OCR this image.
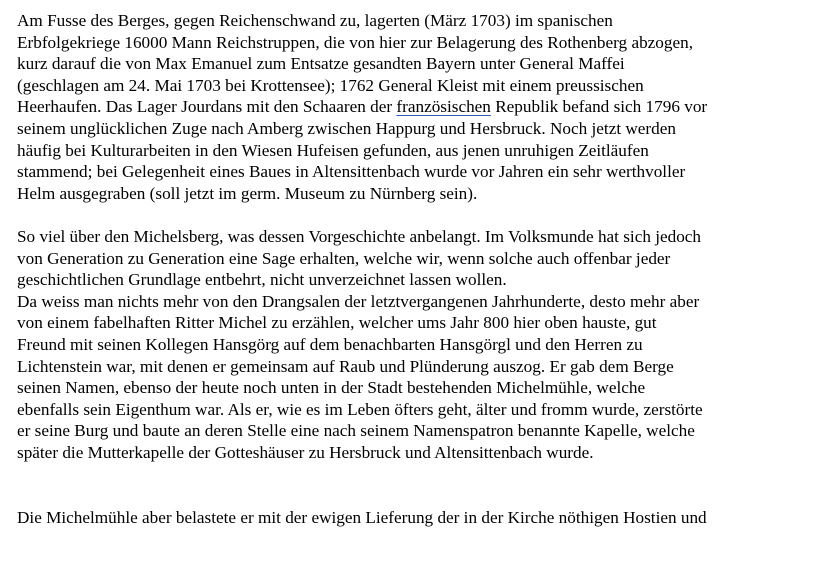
Am Fusse des Berges, gegen Reichenschwand zu, lagerten (März 1703) im spanischen
Erbfolgekriege 16000 Mann Reichstruppen, die von hier zur Belagerung des Rothenberg abzogen,
kurz darauf die von Max Emanuel zum Entsatze gesandten Bayern unter General Maffei
(geschlagen am 24. Mai 1703 bei Krottensee); 1762 General Kleist mit einem preussischen
Heerhaufen. Das Lager Jourdans mit den Schaaren der französischen Republik befand sich 1796 vor
seinem unglücklichen Zuge nach Amberg zwischen Happurg und Hersbruck. Noch jetzt werden
häufig bei Kulturarbeiten in den Wiesen Hufeisen gefunden, aus jenen unruhigen Zeitläufen
stammend; bei Gelegenheit eines Baues in Altensittenbach wurde vor Jahren ein sehr werthvoller
Helm ausgegraben (soll jetzt im germ. Museum zu Nürnberg sein).
So viel über den Michelsberg, was dessen Vorgeschichte anbelangt. Im Volksmunde hat sich jedoch
von Generation zu Generation eine Sage erhalten, welche wir, wenn solche auch offenbar jeder
geschichtlichen Grundlage entbehrt, nicht unverzeichnet lassen wollen.
Da weiss man nichts mehr von den Drangsalen der letztvergangenen Jahrhunderte, desto mehr aber
von einem fabelhaften Ritter Michel zu erzählen, welcher ums Jahr 800 hier oben hauste, gut
Freund mit seinen Kollegen Hansgörg auf dem benachbarten Hansgörgl und den Herren zu
Lichtenstein war, mit denen er gemeinsam auf Raub und Plünderung auszog. Er gab dem Berge
seinen Namen, ebenso der heute noch unten in der Stadt bestehenden Michelmühle, welche
ebenfalls sein Eigenthum war. Als er, wie es im Leben öfters geht, älter und fromm wurde, zerstörte
er seine Burg und baute an deren Stelle eine nach seinem Namenspatron benannte Kapelle, welche
später die Mutterkapelle der Gotteshäuser zu Hersbruck und Altensittenbach wurde.
Die Michelmühle aber belastete er mit der ewigen Lieferung der in der Kirche nöthigen Hostien und
